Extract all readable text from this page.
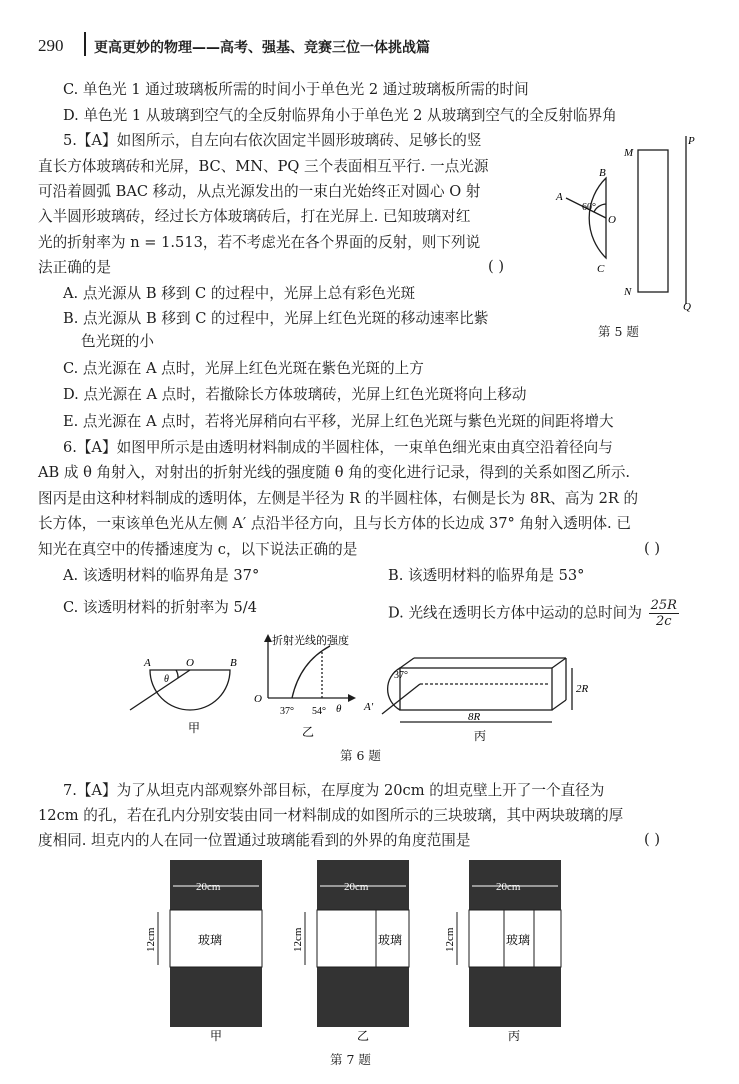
290 更高更妙的物理——高考、强基、竞赛三位一体挑战篇
C. 单色光 1 通过玻璃板所需的时间小于单色光 2 通过玻璃板所需的时间
D. 单色光 1 从玻璃到空气的全反射临界角小于单色光 2 从玻璃到空气的全反射临界角
5.【A】如图所示，自左向右依次固定半圆形玻璃砖、足够长的竖
直长方体玻璃砖和光屏，BC、MN、PQ 三个表面相互平行. 一点光源
可沿着圆弧 BAC 移动，从点光源发出的一束白光始终正对圆心 O 射
入半圆形玻璃砖，经过长方体玻璃砖后，打在光屏上. 已知玻璃对红
光的折射率为 n = 1.513，若不考虑光在各个界面的反射，则下列说
法正确的是	( )
A. 点光源从 B 移到 C 的过程中，光屏上总有彩色光斑
B. 点光源从 B 移到 C 的过程中，光屏上红色光斑的移动速率比紫
色光斑的小
C. 点光源在 A 点时，光屏上红色光斑在紫色光斑的上方
D. 点光源在 A 点时，若撤除长方体玻璃砖，光屏上红色光斑将向上移动
E. 点光源在 A 点时，若将光屏稍向右平移，光屏上红色光斑与紫色光斑的间距将增大
M
N
P
Q
A
B
C
O
60°
第 5 题
6.【A】如图甲所示是由透明材料制成的半圆柱体，一束单色细光束由真空沿着径向与
AB 成 θ 角射入，对射出的折射光线的强度随 θ 角的变化进行记录，得到的关系如图乙所示.
图丙是由这种材料制成的透明体，左侧是半径为 R 的半圆柱体，右侧是长为 8R、高为 2R 的
长方体，一束该单色光从左侧 A′ 点沿半径方向，且与长方体的长边成 37° 角射入透明体. 已
知光在真空中的传播速度为 c，以下说法正确的是	( )
A. 该透明材料的临界角是 37°	B. 该透明材料的临界角是 53°
C. 该透明材料的折射率为 5/4	D. 光线在透明长方体中运动的总时间为 $\frac{25R}{2c}$
A	O	B
θ
甲
折射光线的强度
O
37° 54° θ
乙
37°
2R
8R
A′
丙
第 6 题
7.【A】为了从坦克内部观察外部目标，在厚度为 20cm 的坦克壁上开了一个直径为
12cm 的孔，若在孔内分别安装由同一材料制成的如图所示的三块玻璃，其中两块玻璃的厚
度相同. 坦克内的人在同一位置通过玻璃能看到的外界的角度范围是	( )
20cm
玻璃
12cm
甲
20cm
玻璃
12cm
乙
20cm
玻璃
12cm
丙
第 7 题
